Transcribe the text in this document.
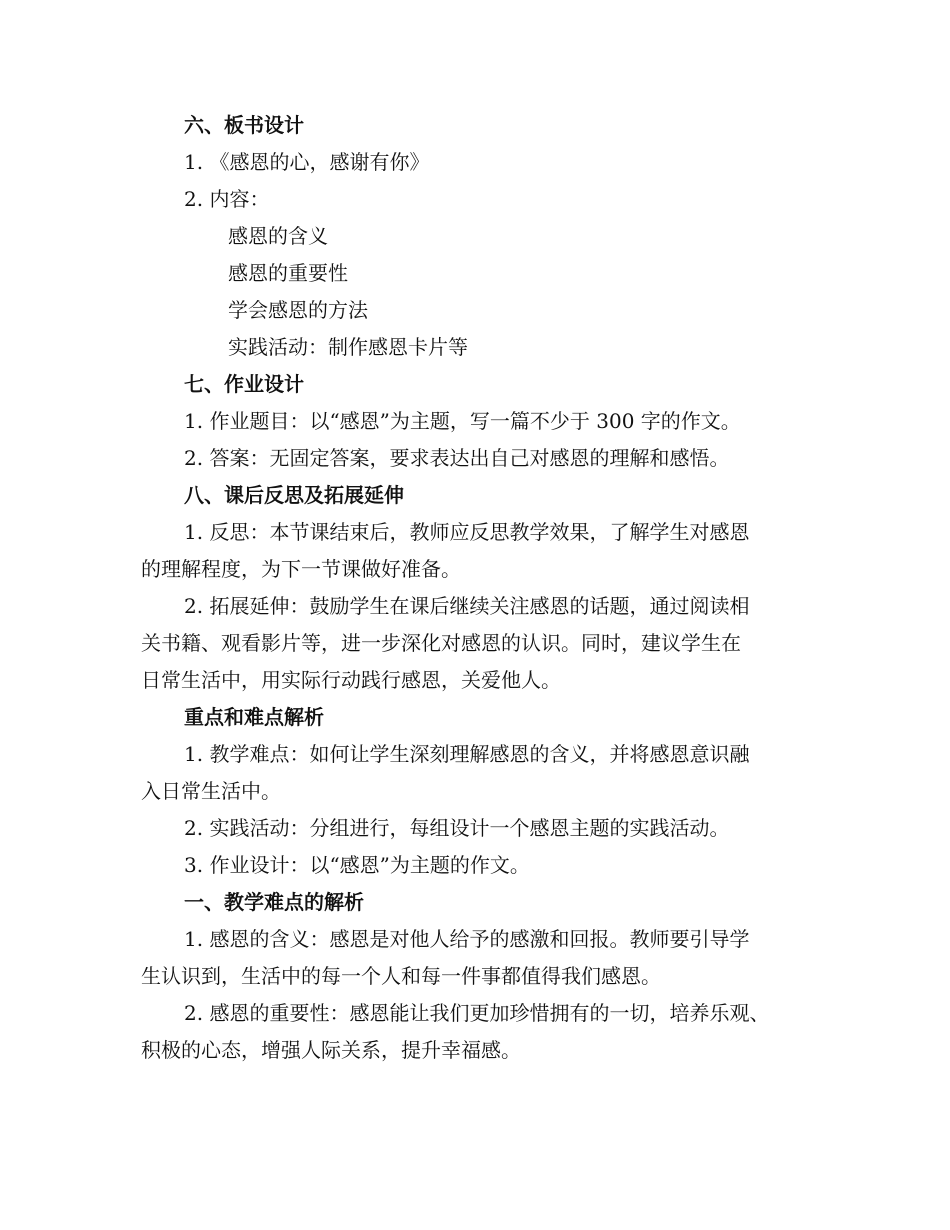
六、板书设计

1. 《感恩的心，感谢有你》

2. 内容：

感恩的含义

感恩的重要性

学会感恩的方法

实践活动：制作感恩卡片等

七、作业设计

1. 作业题目：以“感恩”为主题，写一篇不少于 300 字的作文。

2. 答案：无固定答案，要求表达出自己对感恩的理解和感悟。

八、课后反思及拓展延伸

1. 反思：本节课结束后，教师应反思教学效果，了解学生对感恩

的理解程度，为下一节课做好准备。

2. 拓展延伸：鼓励学生在课后继续关注感恩的话题，通过阅读相

关书籍、观看影片等，进一步深化对感恩的认识。同时，建议学生在

日常生活中，用实际行动践行感恩，关爱他人。

重点和难点解析

1. 教学难点：如何让学生深刻理解感恩的含义，并将感恩意识融

入日常生活中。

2. 实践活动：分组进行，每组设计一个感恩主题的实践活动。

3. 作业设计：以“感恩”为主题的作文。

一、教学难点的解析

1. 感恩的含义：感恩是对他人给予的感激和回报。教师要引导学

生认识到，生活中的每一个人和每一件事都值得我们感恩。

2. 感恩的重要性：感恩能让我们更加珍惜拥有的一切，培养乐观、

积极的心态，增强人际关系，提升幸福感。
